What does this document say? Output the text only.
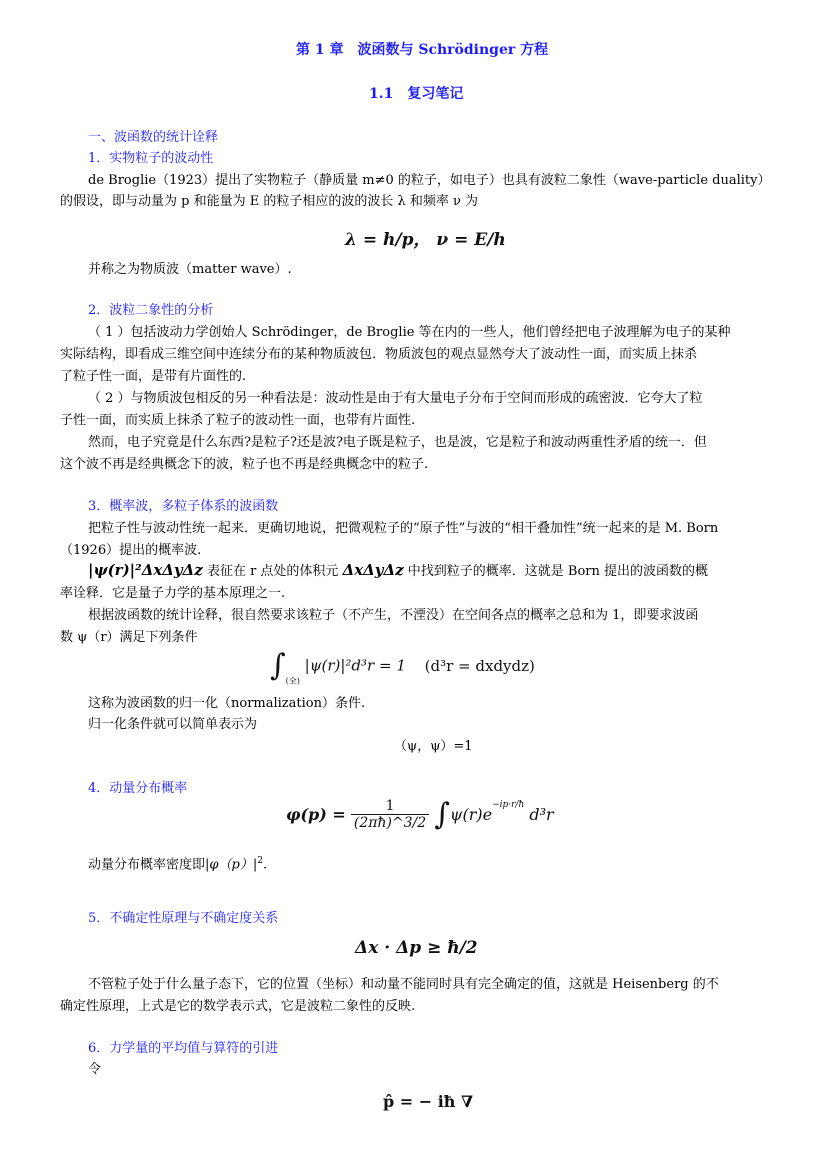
第 1 章　波函数与 Schrödinger 方程
1.1　复习笔记
一、波函数的统计诠释
1．实物粒子的波动性
de Broglie（1923）提出了实物粒子（静质量 m≠0 的粒子，如电子）也具有波粒二象性（wave-particle duality）
的假设，即与动量为 p 和能量为 E 的粒子相应的波的波长 λ 和频率 ν 为
λ = h/p， ν = E/h
并称之为物质波（matter wave）.
2．波粒二象性的分析
（ 1 ）包括波动力学创始人 Schrödinger，de Broglie 等在内的一些人，他们曾经把电子波理解为电子的某种
实际结构，即看成三维空间中连续分布的某种物质波包．物质波包的观点显然夸大了波动性一面，而实质上抹杀
了粒子性一面，是带有片面性的.
（ 2 ）与物质波包相反的另一种看法是：波动性是由于有大量电子分布于空间而形成的疏密波．它夸大了粒
子性一面，而实质上抹杀了粒子的波动性一面，也带有片面性.
然而，电子究竟是什么东西?是粒子?还是波?电子既是粒子，也是波，它是粒子和波动两重性矛盾的统一．但
这个波不再是经典概念下的波，粒子也不再是经典概念中的粒子.
3．概率波，多粒子体系的波函数
把粒子性与波动性统一起来．更确切地说，把微观粒子的“原子性”与波的“相干叠加性”统一起来的是 M. Born
（1926）提出的概率波.
|ψ(r)|²ΔxΔyΔz 表征在 r 点处的体积元 ΔxΔyΔz 中找到粒子的概率．这就是 Born 提出的波函数的概
率诠释．它是量子力学的基本原理之一.
根据波函数的统计诠释，很自然要求该粒子（不产生，不湮没）在空间各点的概率之总和为 1，即要求波函
数 ψ（r）满足下列条件
$\int_{(全)}$ |ψ(r)|²d³r = 1 (d³r = dxdydz)
这称为波函数的归一化（normalization）条件.
归一化条件就可以简单表示为
（ψ，ψ）=1
4．动量分布概率
$\varphi(p) = \frac{1}{(2\pi ħ)\^{}3/2} \int\psi(r)e^{-ip\cdot r/ħ}$ d³r
动量分布概率密度即$|\varphi(p)|^2$.
5．不确定性原理与不确定度关系
Δx · Δp ≥ ħ/2
不管粒子处于什么量子态下，它的位置（坐标）和动量不能同时具有完全确定的值，这就是 Heisenberg 的不
确定性原理，上式是它的数学表示式，它是波粒二象性的反映.
6．力学量的平均值与算符的引进
令
p̂ = − iħ ∇
